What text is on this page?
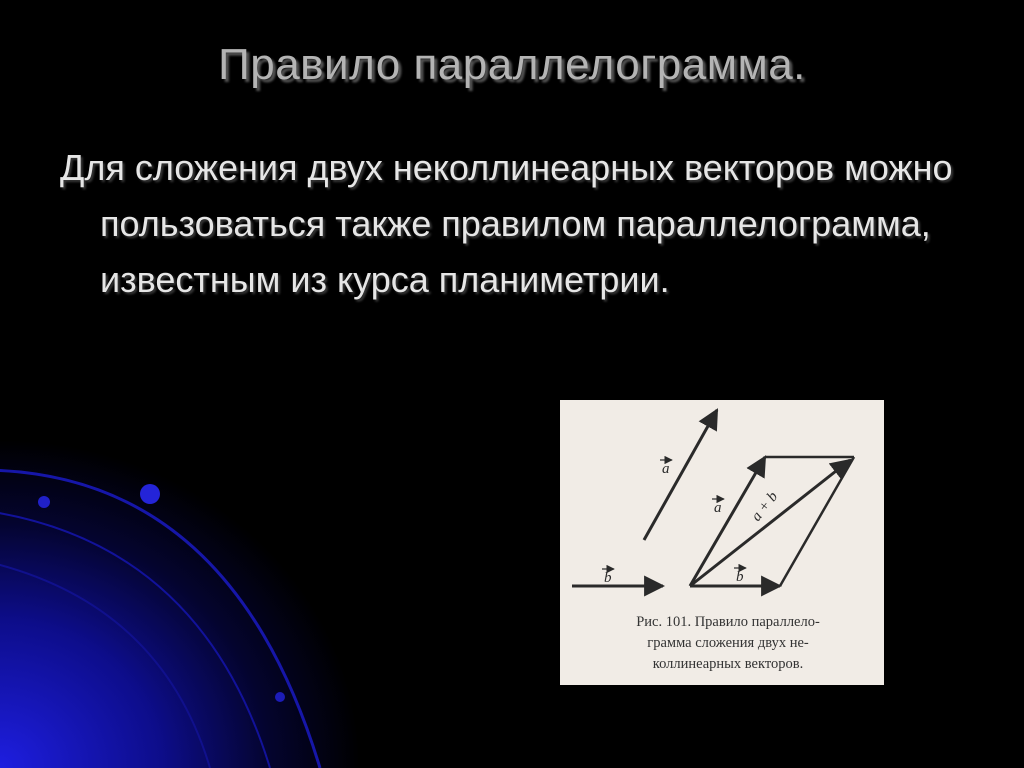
Правило параллелограмма.

Для сложения двух неколлинеарных векторов можно пользоваться также правилом параллелограмма, известным из курса планиметрии.

a
b
a
b
a + b
Рис. 101. Правило параллело-
грамма сложения двух не-
коллинеарных векторов.
